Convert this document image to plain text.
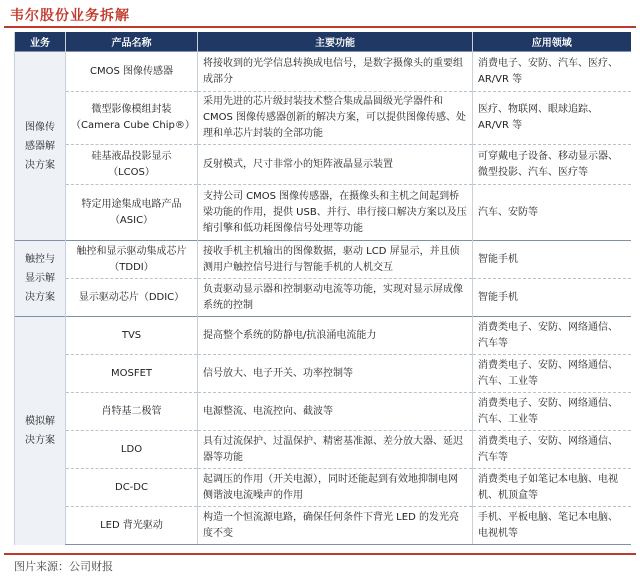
韦尔股份业务拆解
业务	产品名称	主要功能	应用领域
图像传感器解决方案	CMOS 图像传感器	将接收到的光学信息转换成电信号，是数字摄像头的重要组成部分	消费电子、安防、汽车、医疗、AR/VR 等
	微型影像模组封装（Camera Cube Chip®）	采用先进的芯片级封装技术整合集成晶圆级光学器件和 CMOS 图像传感器创新的解决方案，可以提供图像传感、处理和单芯片封装的全部功能	医疗、物联网、眼球追踪、AR/VR 等
	硅基液晶投影显示（LCOS）	反射模式，尺寸非常小的矩阵液晶显示装置	可穿戴电子设备、移动显示器、微型投影、汽车、医疗等
	特定用途集成电路产品（ASIC）	支持公司 CMOS 图像传感器，在摄像头和主机之间起到桥梁功能的作用，提供 USB、并行、串行接口解决方案以及压缩引擎和低功耗图像信号处理等功能	汽车、安防等
触控与显示解决方案	触控和显示驱动集成芯片（TDDI）	接收手机主机输出的图像数据，驱动 LCD 屏显示，并且侦测用户触控信号进行与智能手机的人机交互	智能手机
	显示驱动芯片（DDIC）	负责驱动显示器和控制驱动电流等功能，实现对显示屏成像系统的控制	智能手机
模拟解决方案	TVS	提高整个系统的防静电/抗浪涌电流能力	消费类电子、安防、网络通信、汽车等
	MOSFET	信号放大、电子开关、功率控制等	消费类电子、安防、网络通信、汽车、工业等
	肖特基二极管	电源整流、电流控向、截波等	消费类电子、安防、网络通信、汽车、工业等
	LDO	具有过流保护、过温保护、精密基准源、差分放大器、延迟器等功能	消费类电子、安防、网络通信、汽车等
	DC-DC	起调压的作用（开关电源），同时还能起到有效地抑制电网侧谐波电流噪声的作用	消费类电子如笔记本电脑、电视机、机顶盒等
	LED 背光驱动	构造一个恒流源电路，确保任何条件下背光 LED 的发光亮度不变	手机、平板电脑、笔记本电脑、电视机等
图片来源：公司财报
